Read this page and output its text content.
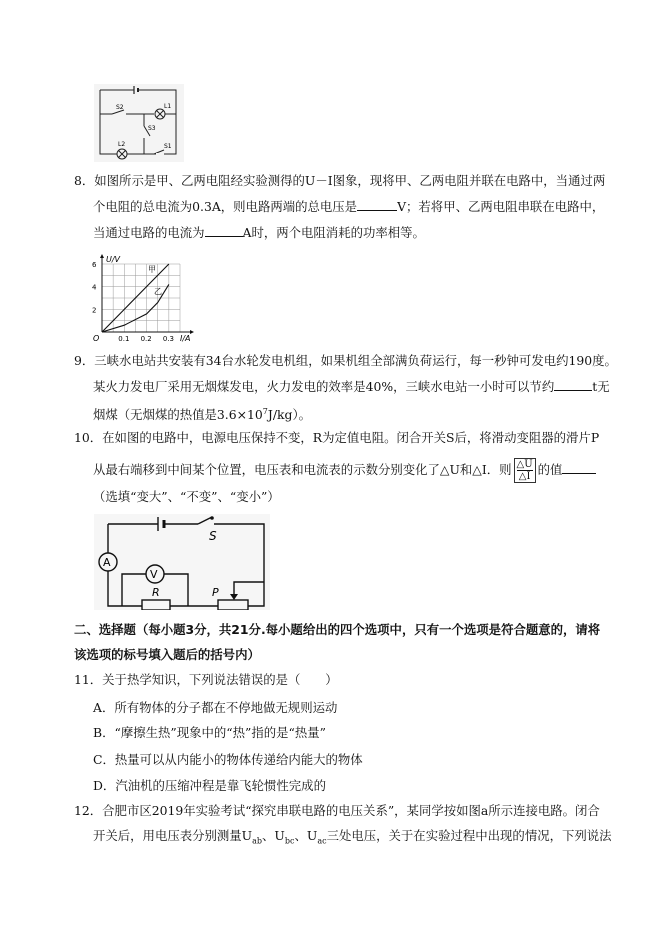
S2	L1
S3
L2	S1
8．如图所示是甲、乙两电阻经实验测得的U－I图象，现将甲、乙两电阻并联在电路中，当通过两
个电阻的总电流为0.3A，则电路两端的总电压是	V；若将甲、乙两电阻串联在电路中，
当通过电路的电流为	A时，两个电阻消耗的功率相等。
6
4
2
0.1 0.2 0.3
U/V
I/A
O
甲
乙
9．三峡水电站共安装有34台水轮发电机组，如果机组全部满负荷运行，每一秒钟可发电约190度。
某火力发电厂采用无烟煤发电，火力发电的效率是40%，三峡水电站一小时可以节约	t无
烟煤（无烟煤的热值是$3.6\times 10^7J/kg$）。
10．在如图的电路中，电源电压保持不变，R为定值电阻。闭合开关S后，将滑动变阻器的滑片P
从最右端移到中间某个位置，电压表和电流表的示数分别变化了△U和△I．则 $\frac{\triangle U}{\triangle I}$ 的值
（选填“变大”、“不变”、“变小”）
S
A
V
R	P
二、选择题（每小题3分，共21分.每小题给出的四个选项中，只有一个选项是符合题意的，请将
该选项的标号填入题后的括号内）
11．关于热学知识，下列说法错误的是（　　）
A．所有物体的分子都在不停地做无规则运动
B．“摩擦生热”现象中的“热”指的是“热量”
C．热量可以从内能小的物体传递给内能大的物体
D．汽油机的压缩冲程是靠飞轮惯性完成的
12．合肥市区2019年实验考试“探究串联电路的电压关系”，某同学按如图a所示连接电路。闭合
开关后，用电压表分别测量$U_{ab}$、$U_{bc}$、$U_{ac}$三处电压，关于在实验过程中出现的情况，下列说法
